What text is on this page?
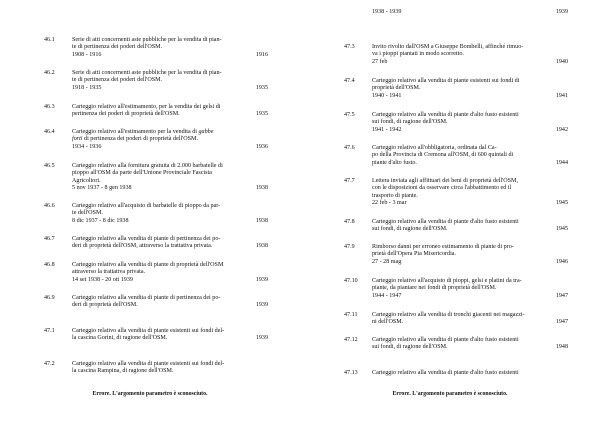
46.1	Serie di atti concernenti aste pubbliche per la vendita di pian-
te di pertinenza dei poderi dell'OSM.
1908 - 1916	1916
46.2	Serie di atti concernenti aste pubbliche per la vendita di pian-
te di pertinenza dei poderi dell'OSM.
1918 - 1935	1935
46.3	Carteggio relativo all'estimamento, per la vendita dei gelsi di
pertinenza dei poderi di proprietà dell'OSM.	1935
46.4	Carteggio relativo all'estimamento per la vendita di gabbe
forti di pertinenza dei poderi di proprietà dell'OSM.
1934 - 1936	1936
46.5	Carteggio relativo alla fornitura gratuita di 2.000 barbatelle di
pioppo all'OSM da parte dell'Unione Provinciale Fascista
Agricoltori.
5 nov 1937 - 8 gen 1938	1938
46.6	Carteggio relativo all'acquisto di barbatelle di pioppo da par-
te dell'OSM.
8 dic 1937 - 8 dic 1938	1938
46.7	Carteggio relativo alla vendita di piante di pertinenza dei po-
deri di proprietà dell'OSM, attraverso la trattativa privata.	1938
46.8	Carteggio relativo alla vendita di piante di proprietà dell'OSM
attraverso la trattativa privata.
14 set 1938 - 20 ott 1939	1939
46.9	Carteggio relativo alla vendita di piante di pertinenza dei po-
deri di proprietà dell'OSM.	1939
47.1	Carteggio relativo alla vendita di piante esistenti sui fondi del-
la cascina Gorini, di ragione dell'OSM.	1939
47.2	Carteggio relativo alla vendita di piante esistenti sui fondi del-
la cascina Rampina, di ragione dell'OSM.

Errore. L'argomento parametro è sconosciuto.

1938 - 1939	1939
47.3	Invito rivolto dall'OSM a Giuseppe Bombelli, affinché rimuo-
va i pioppi piantati in modo scorretto.
27 feb	1940
47.4	Carteggio relativo alla vendita di piante esistenti sui fondi di
proprietà dell'OSM.
1940 - 1941	1941
47.5	Carteggio relativo alla vendita di piante d'alto fusto esistenti
sui fondi, di ragione dell'OSM.
1941 - 1942	1942
47.6	Carteggio relativo all'obbligatoria, ordinata dal Ca-
po della Provincia di Cremona all'OSM, di 600 quintali di
piante d'alto fusto.	1944
47.7	Lettera inviata agli affittuari dei beni di proprietà dell'OSM,
con le disposizioni da osservare circa l'abbattimento ed il
trasporto di piante.
22 feb - 3 mar	1945
47.8	Carteggio relativo alla vendita di piante d'alto fusto esistenti
sui fondi, di ragione dell'OSM.	1945
47.9	Rimborso danni per erroneo estimamento di piante di pro-
prietà dell'Opera Pia Misericordia.
27 - 28 mag	1946
47.10	Carteggio relativo all'acquisto di pioppi, gelsi e platini da tra-
piante, da piantare nei fondi di proprietà dell'OSM.
1944 - 1947	1947
47.11	Carteggio relativo alla vendita di tronchi giacenti nei magazzi-
ni dell'OSM.	1947
47.12	Carteggio relativo alla vendita di piante d'alto fusto esistenti
sui fondi, di ragione dell'OSM.	1948
47.13	Carteggio relativo alla vendita di piante d'alto fusto esistenti

Errore. L'argomento parametro è sconosciuto.
